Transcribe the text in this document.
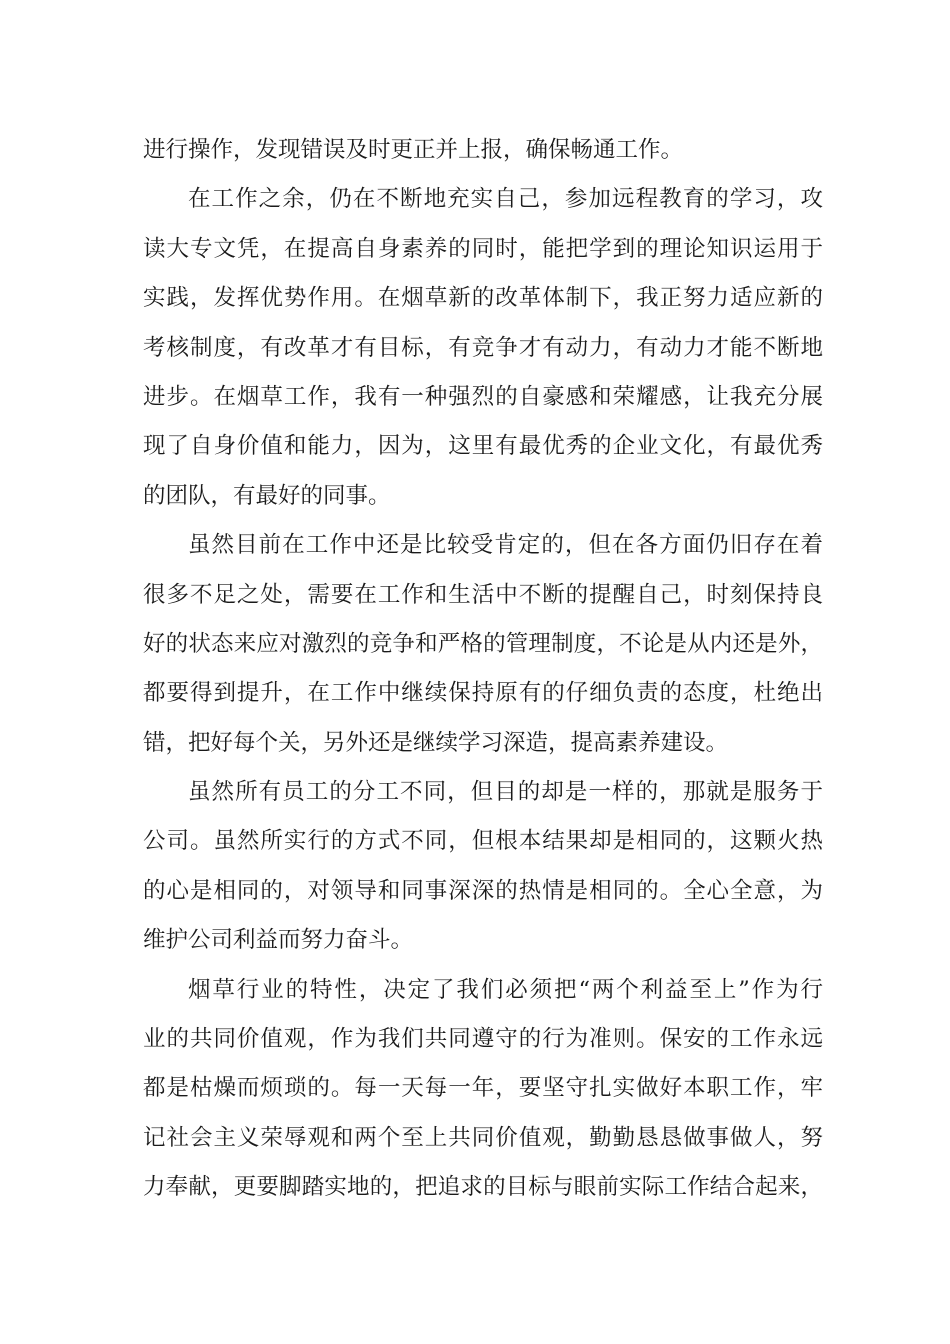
进行操作，发现错误及时更正并上报，确保畅通工作。
在工作之余，仍在不断地充实自己，参加远程教育的学习，攻
读大专文凭，在提高自身素养的同时，能把学到的理论知识运用于
实践，发挥优势作用。在烟草新的改革体制下，我正努力适应新的
考核制度，有改革才有目标，有竞争才有动力，有动力才能不断地
进步。在烟草工作，我有一种强烈的自豪感和荣耀感，让我充分展
现了自身价值和能力，因为，这里有最优秀的企业文化，有最优秀
的团队，有最好的同事。
虽然目前在工作中还是比较受肯定的，但在各方面仍旧存在着
很多不足之处，需要在工作和生活中不断的提醒自己，时刻保持良
好的状态来应对激烈的竞争和严格的管理制度，不论是从内还是外，
都要得到提升，在工作中继续保持原有的仔细负责的态度，杜绝出
错，把好每个关，另外还是继续学习深造，提高素养建设。
虽然所有员工的分工不同，但目的却是一样的，那就是服务于
公司。虽然所实行的方式不同，但根本结果却是相同的，这颗火热
的心是相同的，对领导和同事深深的热情是相同的。全心全意，为
维护公司利益而努力奋斗。
烟草行业的特性，决定了我们必须把“两个利益至上”作为行
业的共同价值观，作为我们共同遵守的行为准则。保安的工作永远
都是枯燥而烦琐的。每一天每一年，要坚守扎实做好本职工作，牢
记社会主义荣辱观和两个至上共同价值观，勤勤恳恳做事做人，努
力奉献，更要脚踏实地的，把追求的目标与眼前实际工作结合起来，
